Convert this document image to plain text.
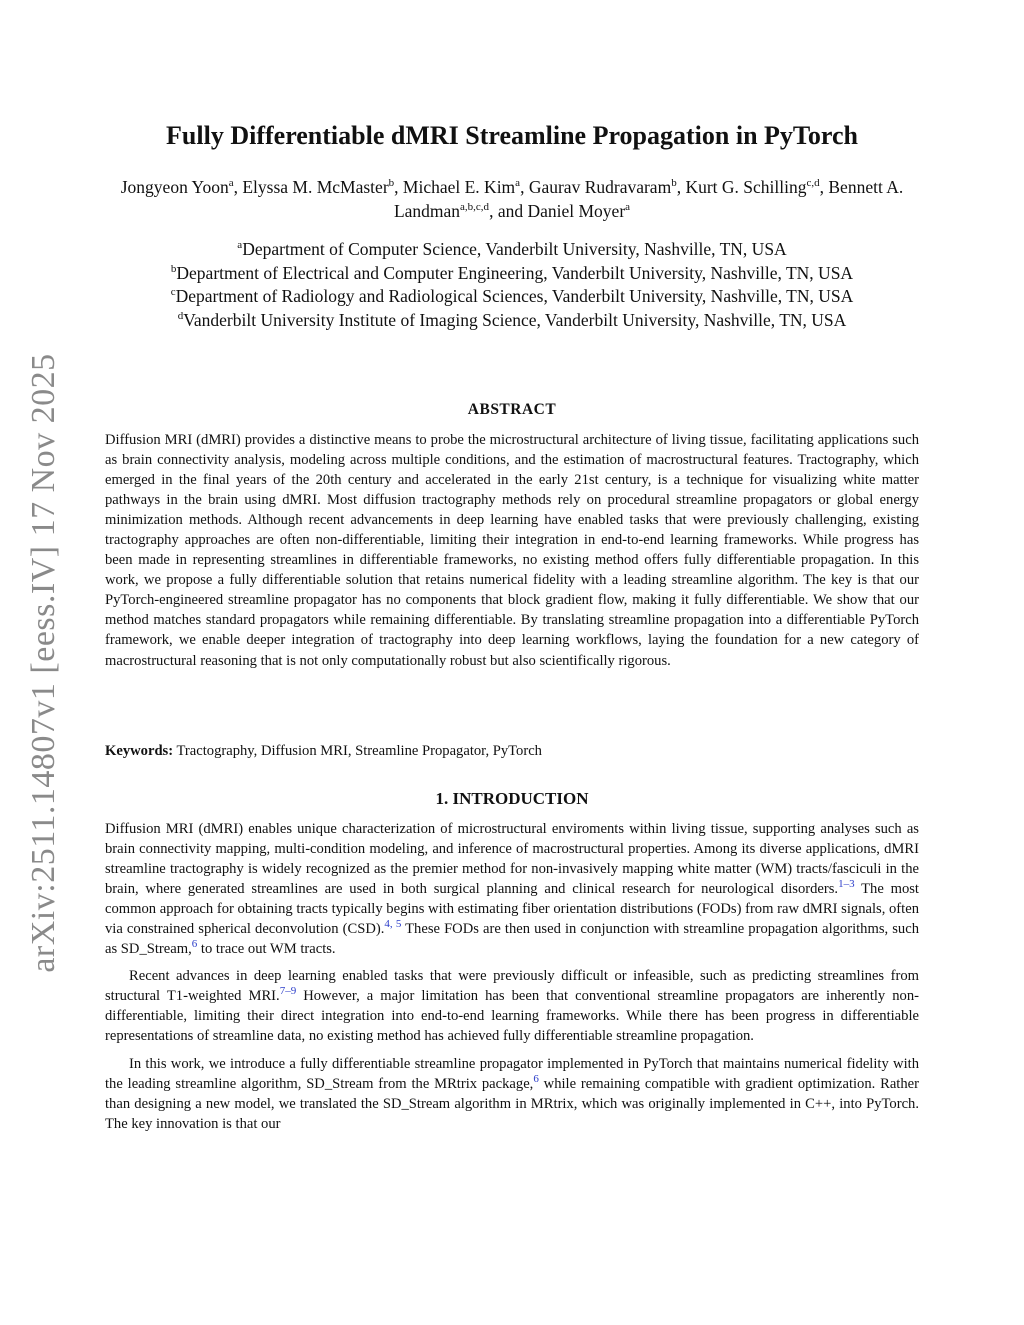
arXiv:2511.14807v1 [eess.IV] 17 Nov 2025
Fully Differentiable dMRI Streamline Propagation in PyTorch
Jongyeon Yoon$^a$, Elyssa M. McMaster$^b$, Michael E. Kim$^a$, Gaurav Rudravaram$^b$, Kurt G. Schilling$^{c,d}$, Bennett A. Landman$^{a,b,c,d}$, and Daniel Moyer$^a$
$^a$Department of Computer Science, Vanderbilt University, Nashville, TN, USA
$^b$Department of Electrical and Computer Engineering, Vanderbilt University, Nashville, TN, USA
$^c$Department of Radiology and Radiological Sciences, Vanderbilt University, Nashville, TN, USA
$^d$Vanderbilt University Institute of Imaging Science, Vanderbilt University, Nashville, TN, USA
ABSTRACT
Diffusion MRI (dMRI) provides a distinctive means to probe the microstructural architecture of living tissue, facilitating applications such as brain connectivity analysis, modeling across multiple conditions, and the estimation of macrostructural features. Tractography, which emerged in the final years of the 20th century and accelerated in the early 21st century, is a technique for visualizing white matter pathways in the brain using dMRI. Most diffusion tractography methods rely on procedural streamline propagators or global energy minimization methods. Although recent advancements in deep learning have enabled tasks that were previously challenging, existing tractography approaches are often non-differentiable, limiting their integration in end-to-end learning frameworks. While progress has been made in representing streamlines in differentiable frameworks, no existing method offers fully differentiable propagation. In this work, we propose a fully differentiable solution that retains numerical fidelity with a leading streamline algorithm. The key is that our PyTorch-engineered streamline propagator has no components that block gradient flow, making it fully differentiable. We show that our method matches standard propagators while remaining differentiable. By translating streamline propagation into a differentiable PyTorch framework, we enable deeper integration of tractography into deep learning workflows, laying the foundation for a new category of macrostructural reasoning that is not only computationally robust but also scientifically rigorous.
Keywords: Tractography, Diffusion MRI, Streamline Propagator, PyTorch
1. INTRODUCTION

Diffusion MRI (dMRI) enables unique characterization of microstructural enviroments within living tissue, supporting analyses such as brain connectivity mapping, multi-condition modeling, and inference of macrostructural properties. Among its diverse applications, dMRI streamline tractography is widely recognized as the premier method for non-invasively mapping white matter (WM) tracts/fasciculi in the brain, where generated streamlines are used in both surgical planning and clinical research for neurological disorders.$^{1-3}$ The most common approach for obtaining tracts typically begins with estimating fiber orientation distributions (FODs) from raw dMRI signals, often via constrained spherical deconvolution (CSD).$^{4, 5}$ These FODs are then used in conjunction with streamline propagation algorithms, such as SD_Stream,$^6$ to trace out WM tracts.

Recent advances in deep learning enabled tasks that were previously difficult or infeasible, such as predicting streamlines from structural T1-weighted MRI.$^{7-9}$ However, a major limitation has been that conventional streamline propagators are inherently non-differentiable, limiting their direct integration into end-to-end learning frameworks. While there has been progress in differentiable representations of streamline data, no existing method has achieved fully differentiable streamline propagation.

In this work, we introduce a fully differentiable streamline propagator implemented in PyTorch that maintains numerical fidelity with the leading streamline algorithm, SD_Stream from the MRtrix package,$^6$ while remaining compatible with gradient optimization. Rather than designing a new model, we translated the SD_Stream algorithm in MRtrix, which was originally implemented in C++, into PyTorch. The key innovation is that our
